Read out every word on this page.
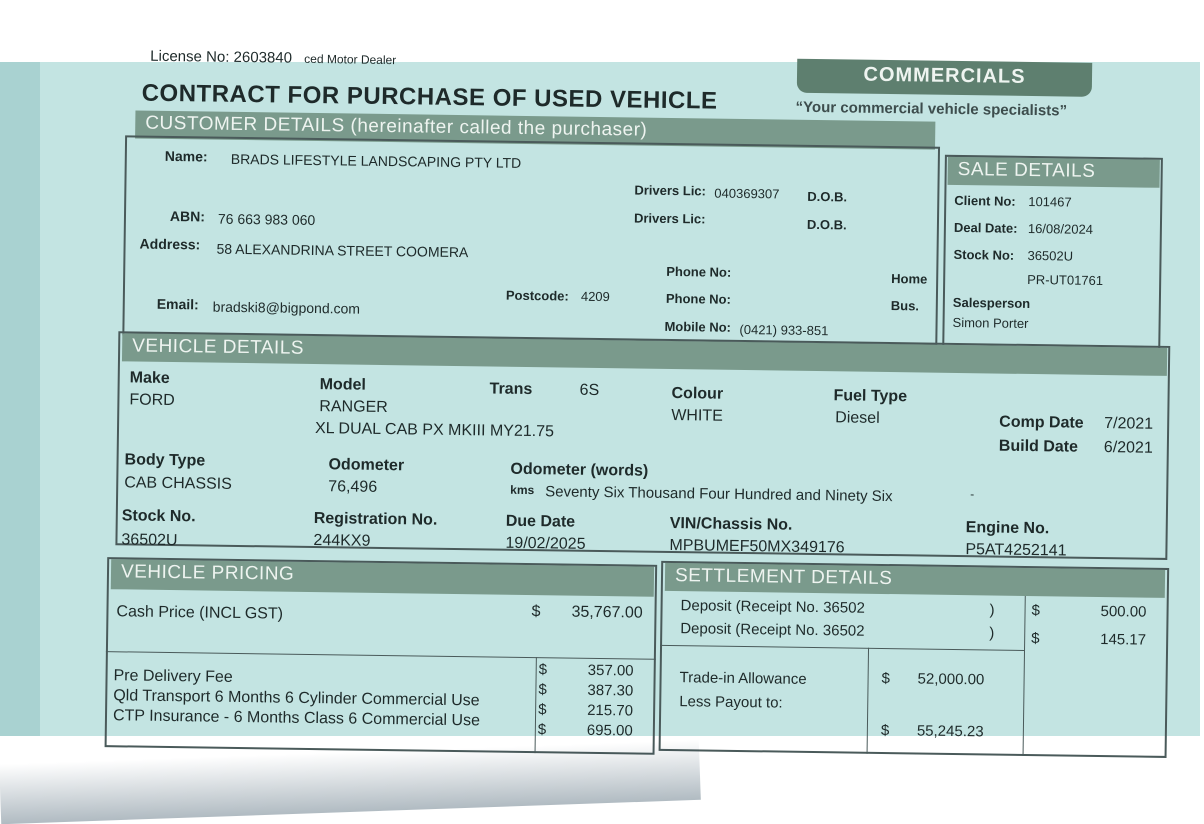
License No: 2603840 ced Motor Dealer
COMMERCIALS
“Your commercial vehicle specialists”
CONTRACT FOR PURCHASE OF USED VEHICLE
CUSTOMER DETAILS (hereinafter called the purchaser)
Name: BRADS LIFESTYLE LANDSCAPING PTY LTD
ABN: 76 663 983 060
Address: 58 ALEXANDRINA STREET COOMERA
Postcode: 4209
Email: bradski8@bigpond.com
Drivers Lic: 040369307 D.O.B.
Drivers Lic:	D.O.B.
Phone No:	Home
Phone No:	Bus.
Mobile No: (0421) 933-851
SALE DETAILS
Client No: 101467
Deal Date: 16/08/2024
Stock No: 36502U
PR-UT01761
Salesperson
Simon Porter
VEHICLE DETAILS
Make
FORD
Model
RANGER
XL DUAL CAB PX MKIII MY21.75
Trans	6S	Colour
WHITE
Fuel Type
Diesel	Comp Date 7/2021
Build Date 6/2021
Body Type
CAB CHASSIS
Odometer
76,496
Odometer (words)
kms Seventy Six Thousand Four Hundred and Ninety Six	-
Stock No.
36502U
Registration No.
244KX9
Due Date
19/02/2025
VIN/Chassis No.
MPBUMEF50MX349176
Engine No.
P5AT4252141
VEHICLE PRICING
Cash Price (INCL GST)	$ 35,767.00
Pre Delivery Fee	$	357.00
Qld Transport 6 Months 6 Cylinder Commercial Use	$	387.30
CTP Insurance - 6 Months Class 6 Commercial Use	$	215.70
$	695.00
SETTLEMENT DETAILS
Deposit (Receipt No. 36502	) $	500.00
Deposit (Receipt No. 36502	) $	145.17
Trade-in Allowance	$ 52,000.00
Less Payout to:
$ 55,245.23
